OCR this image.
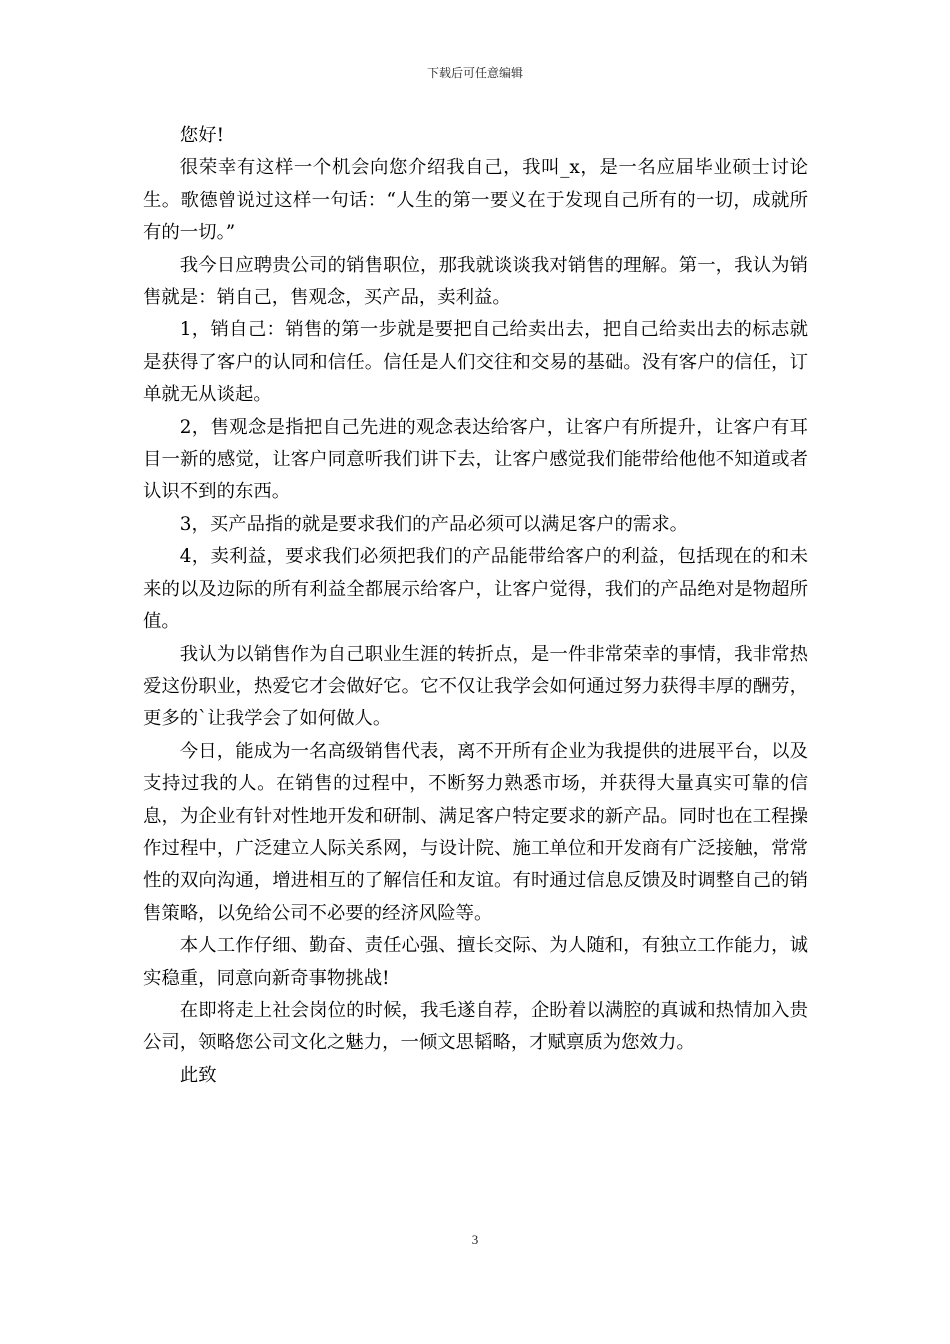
下载后可任意编辑

您好!

很荣幸有这样一个机会向您介绍我自己，我叫_x，是一名应届毕业硕士讨论生。歌德曾说过这样一句话：“人生的第一要义在于发现自己所有的一切，成就所有的一切。”

我今日应聘贵公司的销售职位，那我就谈谈我对销售的理解。第一，我认为销售就是：销自己，售观念，买产品，卖利益。

1，销自己：销售的第一步就是要把自己给卖出去，把自己给卖出去的标志就是获得了客户的认同和信任。信任是人们交往和交易的基础。没有客户的信任，订单就无从谈起。

2，售观念是指把自己先进的观念表达给客户，让客户有所提升，让客户有耳目一新的感觉，让客户同意听我们讲下去，让客户感觉我们能带给他他不知道或者认识不到的东西。

3，买产品指的就是要求我们的产品必须可以满足客户的需求。

4，卖利益，要求我们必须把我们的产品能带给客户的利益，包括现在的和未来的以及边际的所有利益全都展示给客户，让客户觉得，我们的产品绝对是物超所值。

我认为以销售作为自己职业生涯的转折点，是一件非常荣幸的事情，我非常热爱这份职业，热爱它才会做好它。它不仅让我学会如何通过努力获得丰厚的酬劳，更多的`让我学会了如何做人。

今日，能成为一名高级销售代表，离不开所有企业为我提供的进展平台，以及支持过我的人。在销售的过程中，不断努力熟悉市场，并获得大量真实可靠的信息，为企业有针对性地开发和研制、满足客户特定要求的新产品。同时也在工程操作过程中，广泛建立人际关系网，与设计院、施工单位和开发商有广泛接触，常常性的双向沟通，增进相互的了解信任和友谊。有时通过信息反馈及时调整自己的销售策略，以免给公司不必要的经济风险等。

本人工作仔细、勤奋、责任心强、擅长交际、为人随和，有独立工作能力，诚实稳重，同意向新奇事物挑战!

在即将走上社会岗位的时候，我毛遂自荐，企盼着以满腔的真诚和热情加入贵公司，领略您公司文化之魅力，一倾文思韬略，才赋禀质为您效力。

此致

3
